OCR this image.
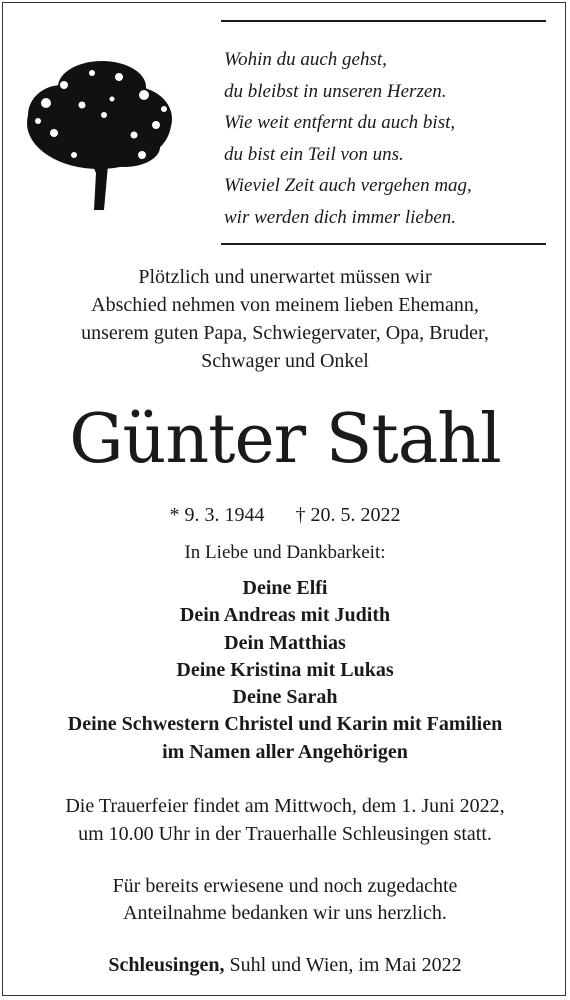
Wohin du auch gehst,
du bleibst in unseren Herzen.
Wie weit entfernt du auch bist,
du bist ein Teil von uns.
Wieviel Zeit auch vergehen mag,
wir werden dich immer lieben.
Plötzlich und unerwartet müssen wir
Abschied nehmen von meinem lieben Ehemann,
unserem guten Papa, Schwiegervater, Opa, Bruder,
Schwager und Onkel
Günter Stahl
* 9. 3. 1944 † 20. 5. 2022
In Liebe und Dankbarkeit:
Deine Elfi
Dein Andreas mit Judith
Dein Matthias
Deine Kristina mit Lukas
Deine Sarah
Deine Schwestern Christel und Karin mit Familien
im Namen aller Angehörigen
Die Trauerfeier findet am Mittwoch, dem 1. Juni 2022,
um 10.00 Uhr in der Trauerhalle Schleusingen statt.
Für bereits erwiesene und noch zugedachte
Anteilnahme bedanken wir uns herzlich.
Schleusingen, Suhl und Wien, im Mai 2022
